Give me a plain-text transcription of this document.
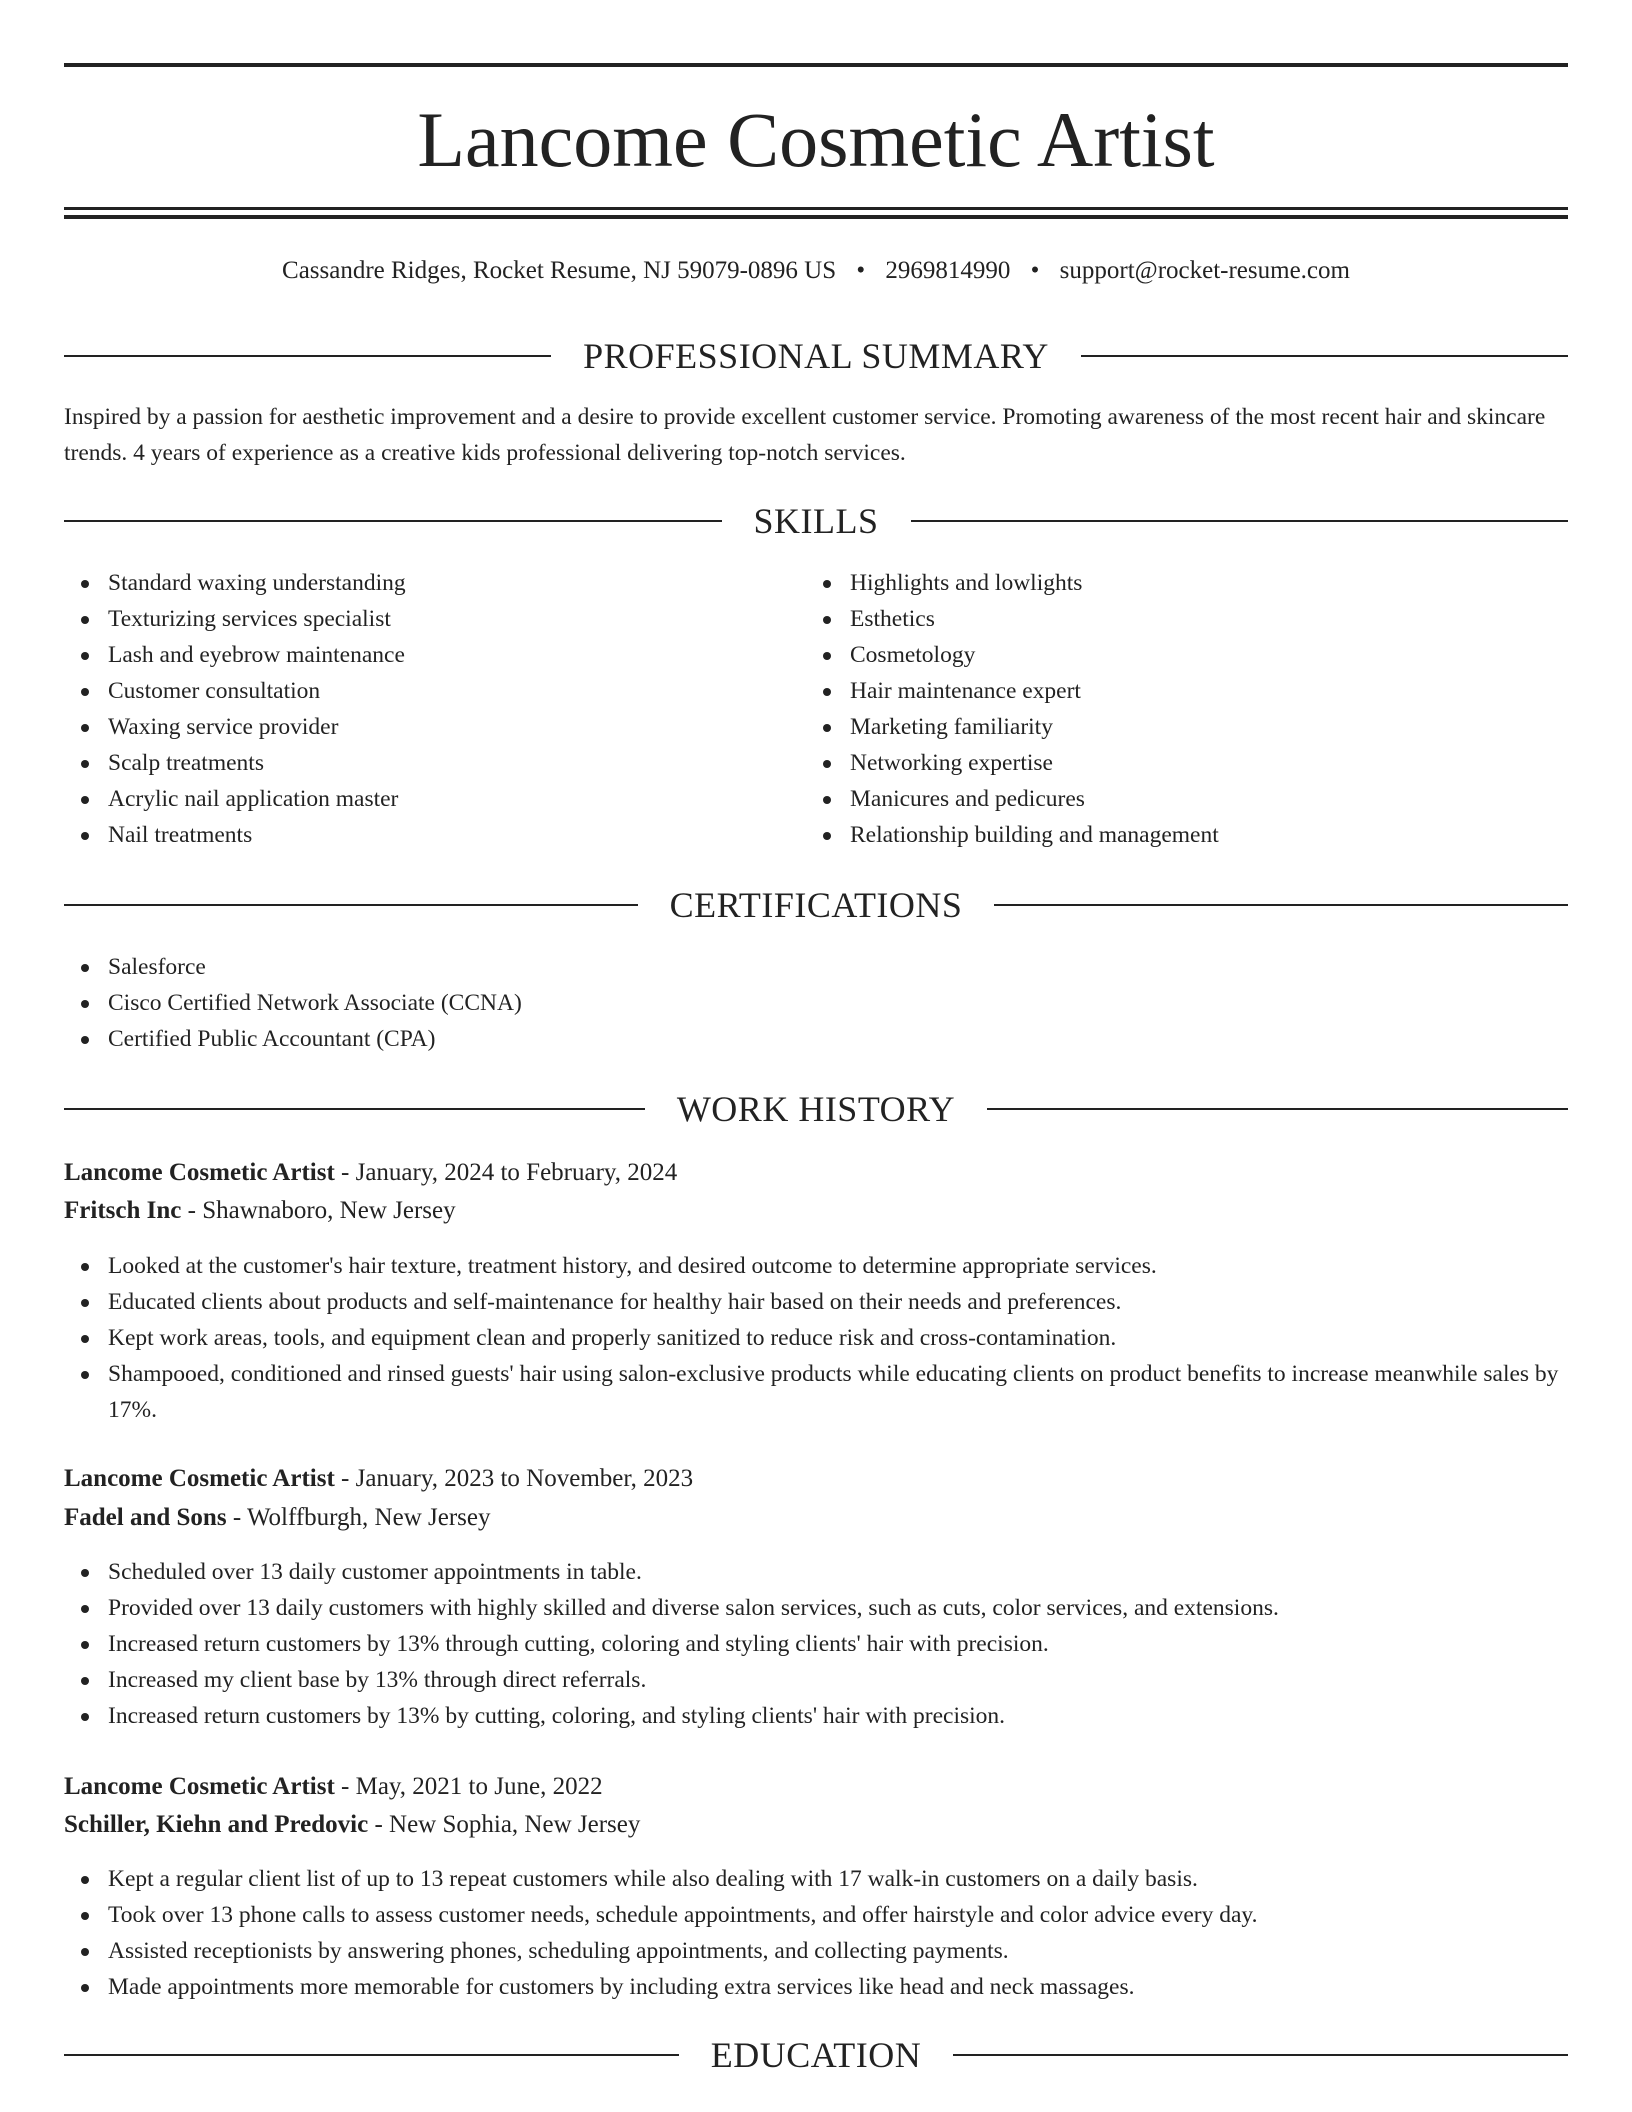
Lancome Cosmetic Artist
Cassandre Ridges, Rocket Resume, NJ 59079-0896 US • 2969814990 • support@rocket-resume.com
PROFESSIONAL SUMMARY

Inspired by a passion for aesthetic improvement and a desire to provide excellent customer service. Promoting awareness of the most recent hair and skincare trends. 4 years of experience as a creative kids professional delivering top-notch services.

SKILLS
Standard waxing understanding
Texturizing services specialist
Lash and eyebrow maintenance
Customer consultation
Waxing service provider
Scalp treatments
Acrylic nail application master
Nail treatments
Highlights and lowlights
Esthetics
Cosmetology
Hair maintenance expert
Marketing familiarity
Networking expertise
Manicures and pedicures
Relationship building and management
CERTIFICATIONS
Salesforce
Cisco Certified Network Associate (CCNA)
Certified Public Accountant (CPA)
WORK HISTORY
Lancome Cosmetic Artist - January, 2024 to February, 2024
Fritsch Inc - Shawnaboro, New Jersey
Looked at the customer's hair texture, treatment history, and desired outcome to determine appropriate services.
Educated clients about products and self-maintenance for healthy hair based on their needs and preferences.
Kept work areas, tools, and equipment clean and properly sanitized to reduce risk and cross-contamination.
Shampooed, conditioned and rinsed guests' hair using salon-exclusive products while educating clients on product benefits to increase meanwhile sales by 17%.
Lancome Cosmetic Artist - January, 2023 to November, 2023
Fadel and Sons - Wolffburgh, New Jersey
Scheduled over 13 daily customer appointments in table.
Provided over 13 daily customers with highly skilled and diverse salon services, such as cuts, color services, and extensions.
Increased return customers by 13% through cutting, coloring and styling clients' hair with precision.
Increased my client base by 13% through direct referrals.
Increased return customers by 13% by cutting, coloring, and styling clients' hair with precision.
Lancome Cosmetic Artist - May, 2021 to June, 2022
Schiller, Kiehn and Predovic - New Sophia, New Jersey
Kept a regular client list of up to 13 repeat customers while also dealing with 17 walk-in customers on a daily basis.
Took over 13 phone calls to assess customer needs, schedule appointments, and offer hairstyle and color advice every day.
Assisted receptionists by answering phones, scheduling appointments, and collecting payments.
Made appointments more memorable for customers by including extra services like head and neck massages.
EDUCATION
